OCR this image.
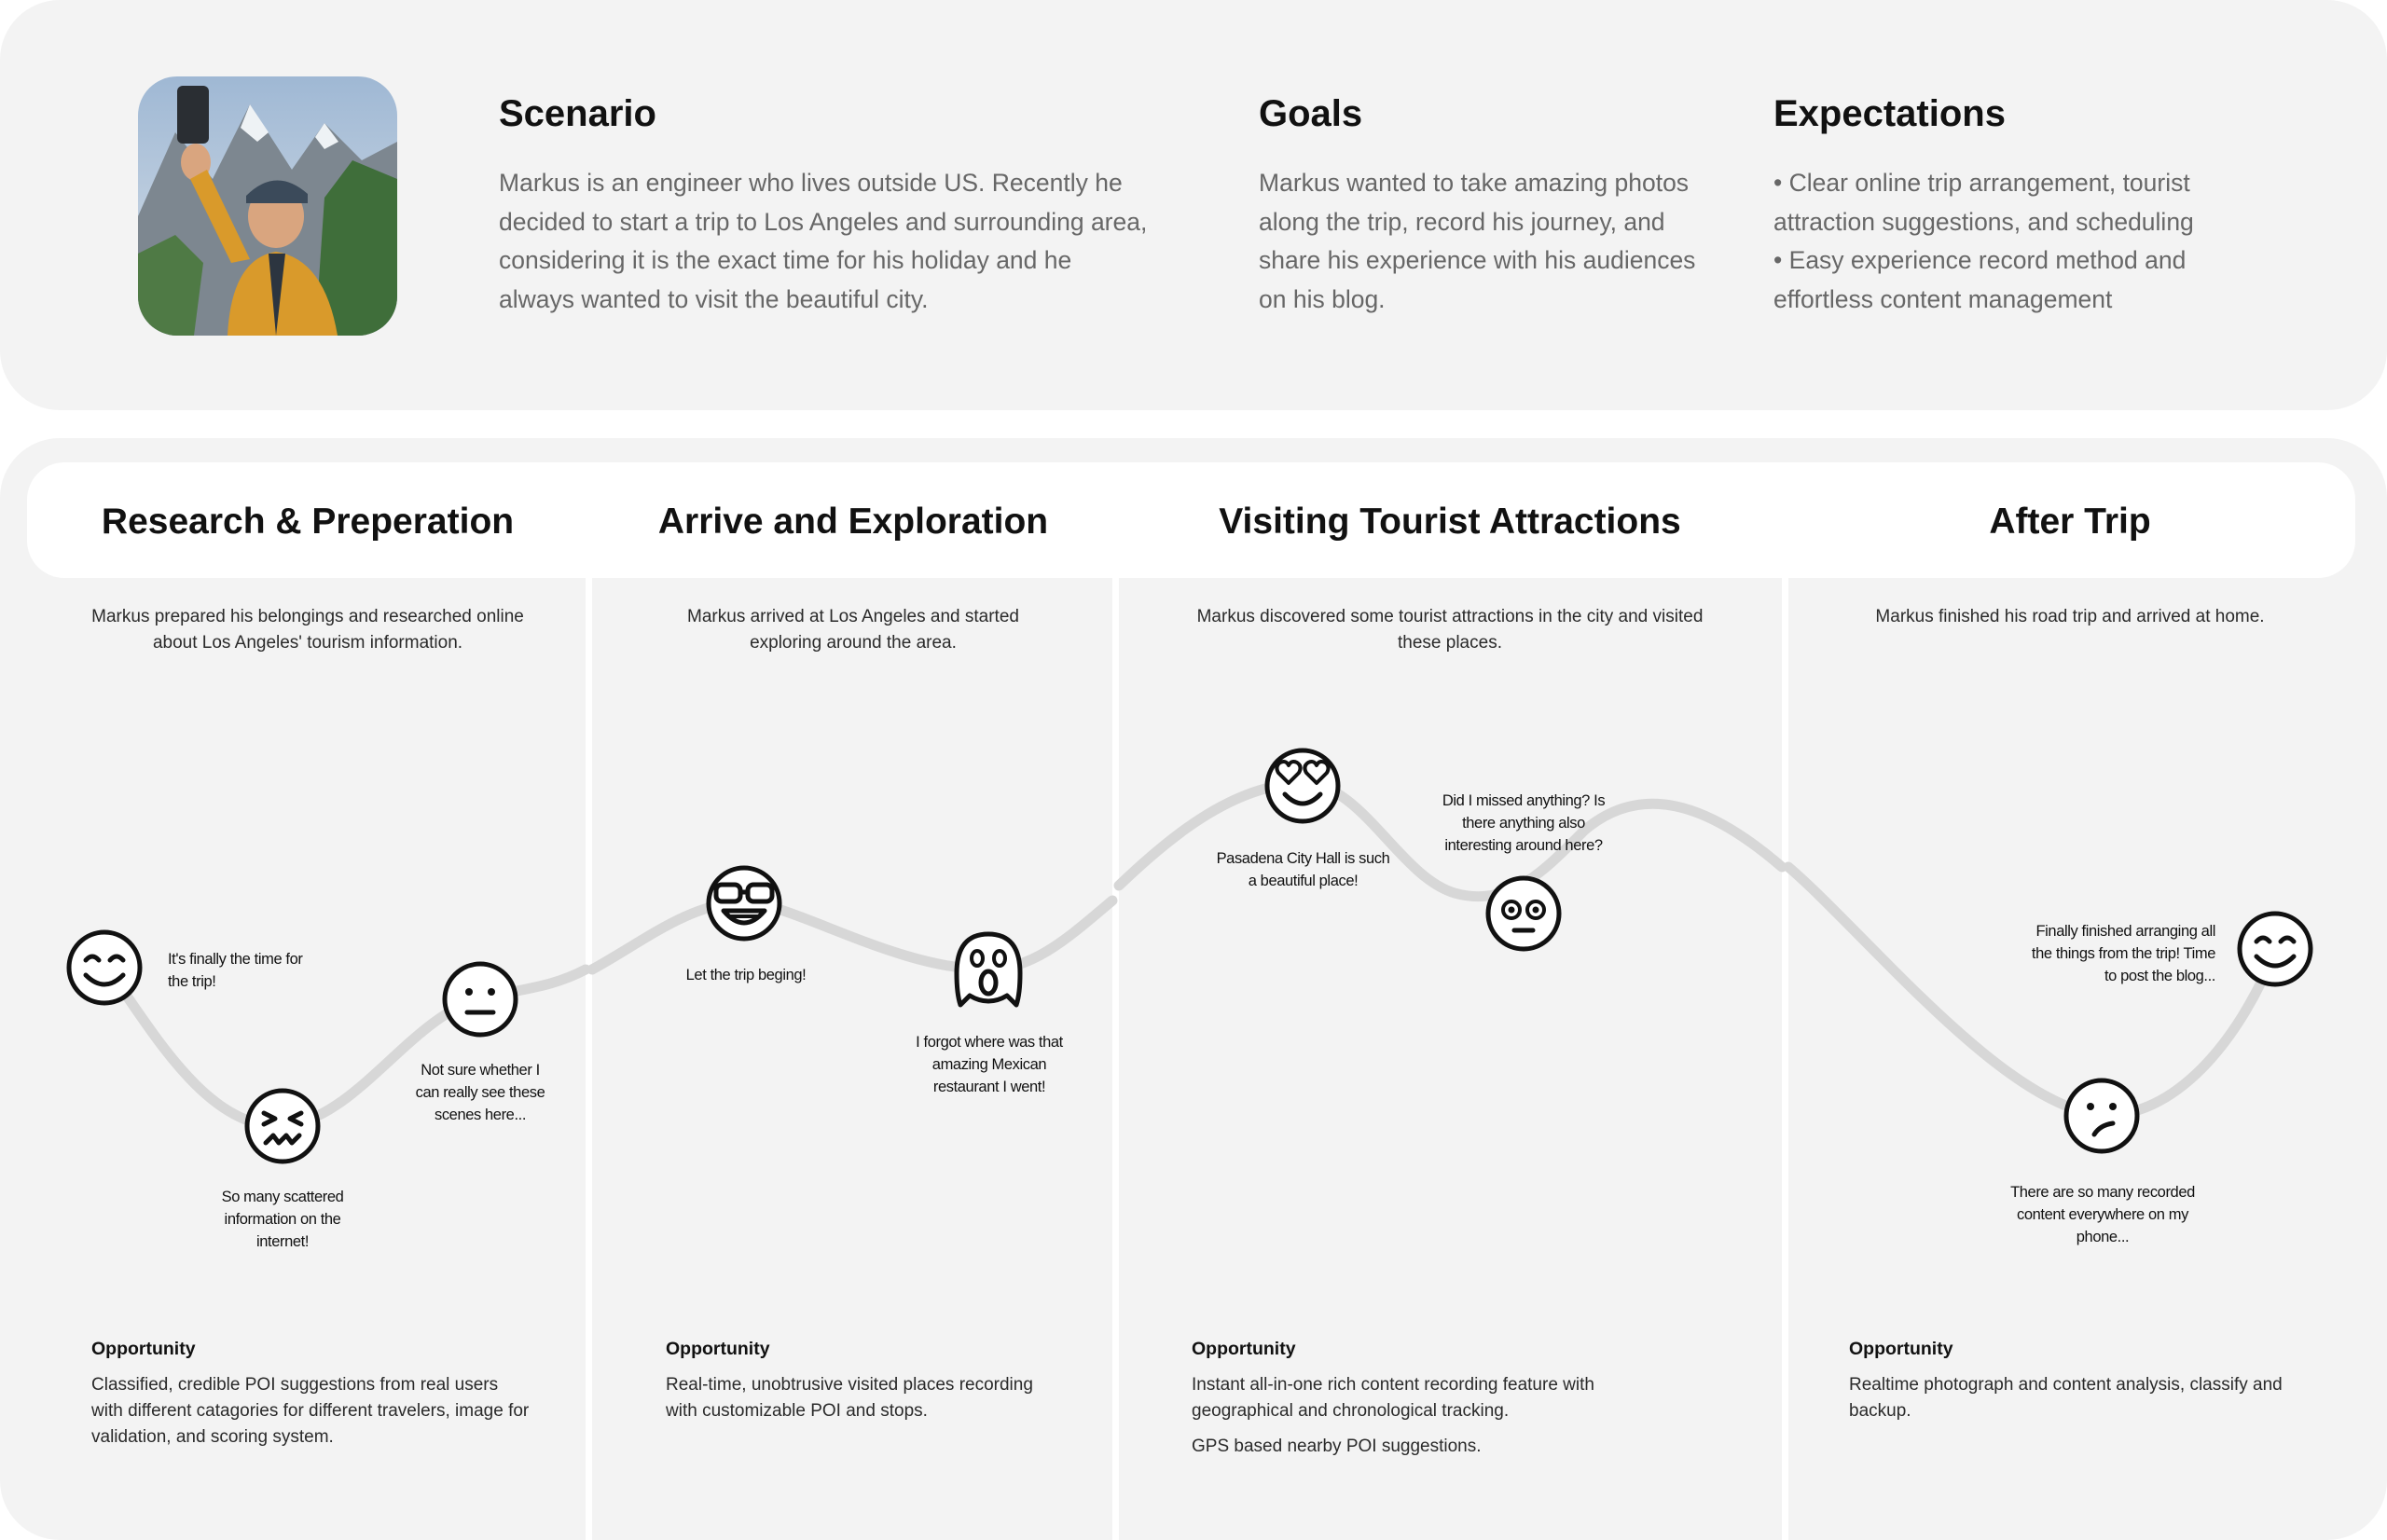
Scenario

Markus is an engineer who lives outside US. Recently he decided to start a trip to Los Angeles and surrounding area, considering it is the exact time for his holiday and he always wanted to visit the beautiful city.

Goals

Markus wanted to take amazing photos along the trip, record his journey, and share his experience with his audiences on his blog.

Expectations
• Clear online trip arrangement, tourist attraction suggestions, and scheduling
• Easy experience record method and effortless content management
Research & Preperation	Arrive and Exploration	Visiting Tourist Attractions	After Trip

Markus prepared his belongings and researched online about Los Angeles' tourism information.

Markus arrived at Los Angeles and started exploring around the area.

Markus discovered some tourist attractions in the city and visited these places.

Markus finished his road trip and arrived at home.

It's finally the time for the trip!

So many scattered information on the internet!

Not sure whether I can really see these scenes here...

Let the trip beging!

I forgot where was that amazing Mexican restaurant I went!

Pasadena City Hall is such a beautiful place!

Did I missed anything? Is there anything also interesting around here?

There are so many recorded content everywhere on my phone...

Finally finished arranging all the things from the trip! Time to post the blog...

Opportunity

Classified, credible POI suggestions from real users with different catagories for different travelers, image for validation, and scoring system.

Opportunity

Real-time, unobtrusive visited places recording with customizable POI and stops.

Opportunity

Instant all-in-one rich content recording feature with geographical and chronological tracking.

GPS based nearby POI suggestions.

Opportunity

Realtime photograph and content analysis, classify and backup.
